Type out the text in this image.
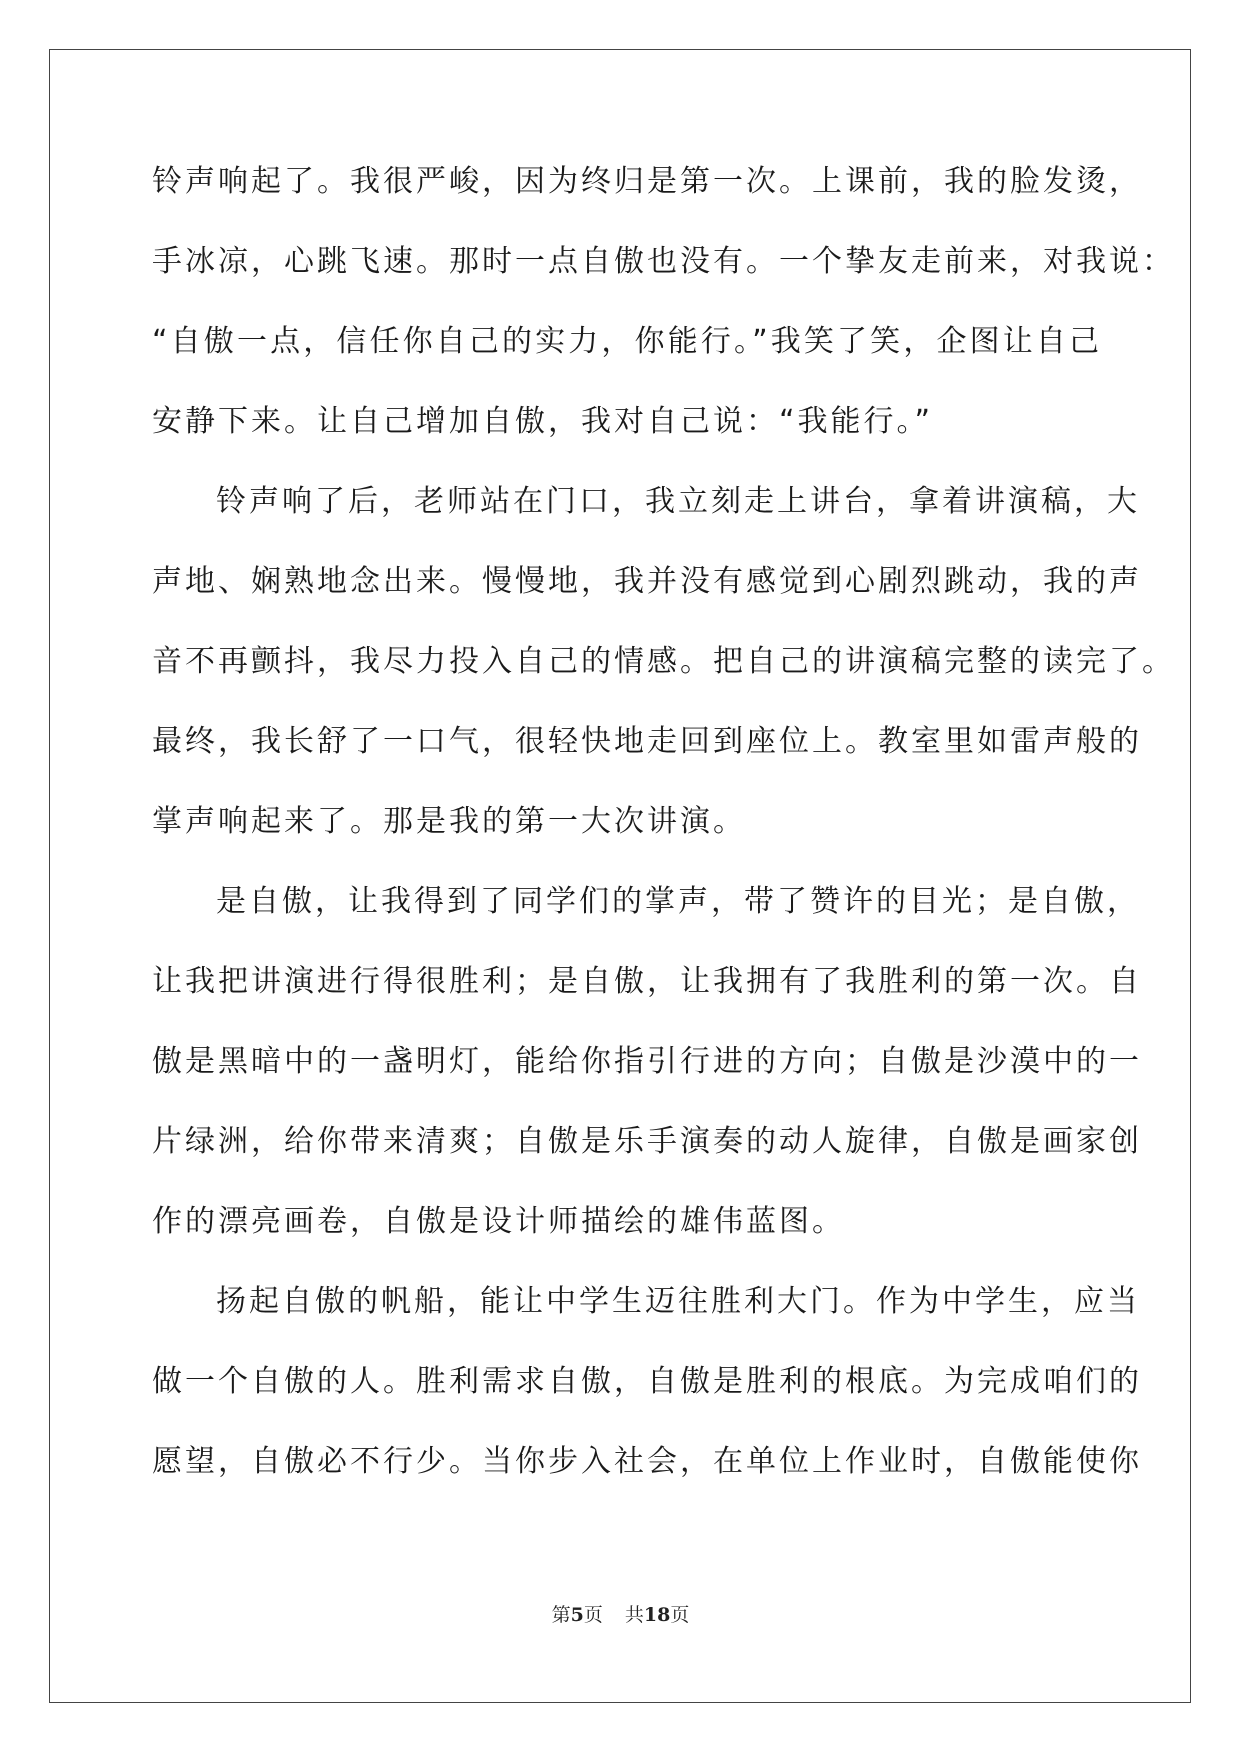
铃声响起了。我很严峻，因为终归是第一次。上课前，我的脸发烫，
手冰凉，心跳飞速。那时一点自傲也没有。一个挚友走前来，对我说：
“自傲一点，信任你自己的实力，你能行。”我笑了笑，企图让自己
安静下来。让自己增加自傲，我对自己说：“我能行。”
铃声响了后，老师站在门口，我立刻走上讲台，拿着讲演稿，大
声地、娴熟地念出来。慢慢地，我并没有感觉到心剧烈跳动，我的声
音不再颤抖，我尽力投入自己的情感。把自己的讲演稿完整的读完了。
最终，我长舒了一口气，很轻快地走回到座位上。教室里如雷声般的
掌声响起来了。那是我的第一大次讲演。
是自傲，让我得到了同学们的掌声，带了赞许的目光；是自傲，
让我把讲演进行得很胜利；是自傲，让我拥有了我胜利的第一次。自
傲是黑暗中的一盏明灯，能给你指引行进的方向；自傲是沙漠中的一
片绿洲，给你带来清爽；自傲是乐手演奏的动人旋律，自傲是画家创
作的漂亮画卷，自傲是设计师描绘的雄伟蓝图。
扬起自傲的帆船，能让中学生迈往胜利大门。作为中学生，应当
做一个自傲的人。胜利需求自傲，自傲是胜利的根底。为完成咱们的
愿望，自傲必不行少。当你步入社会，在单位上作业时，自傲能使你
第5页 共18页
